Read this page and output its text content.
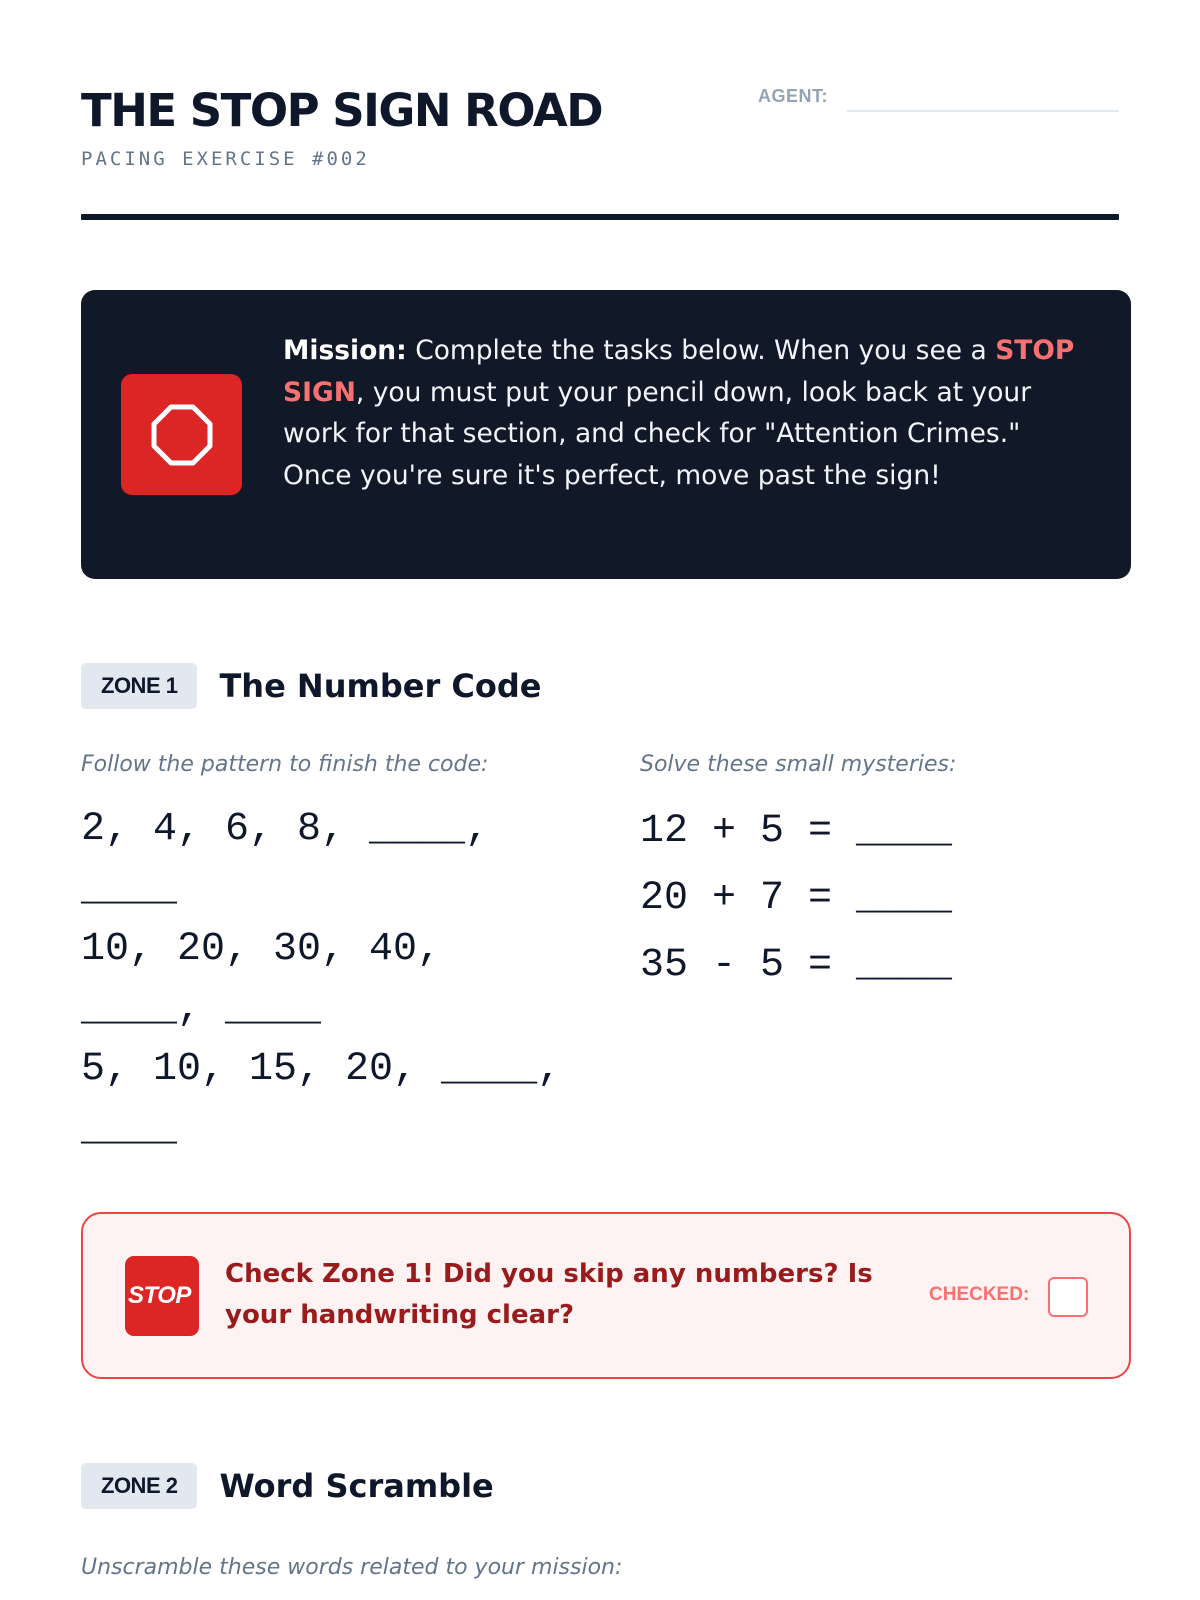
THE STOP SIGN ROAD
PACING EXERCISE #002
AGENT:
Mission: Complete the tasks below. When you see a STOP SIGN, you must put your pencil down, look back at your work for that section, and check for "Attention Crimes." Once you're sure it's perfect, move past the sign!
ZONE 1	The Number Code
Follow the pattern to finish the code:	Solve these small mysteries:
2, 4, 6, 8, ____, ____
10, 20, 30, 40, ____, ____
5, 10, 15, 20, ____, ____
12 + 5 = ____
20 + 7 = ____
35 - 5 = ____
STOP
Check Zone 1! Did you skip any numbers? Is your handwriting clear?
CHECKED:
ZONE 2	Word Scramble
Unscramble these words related to your mission:
